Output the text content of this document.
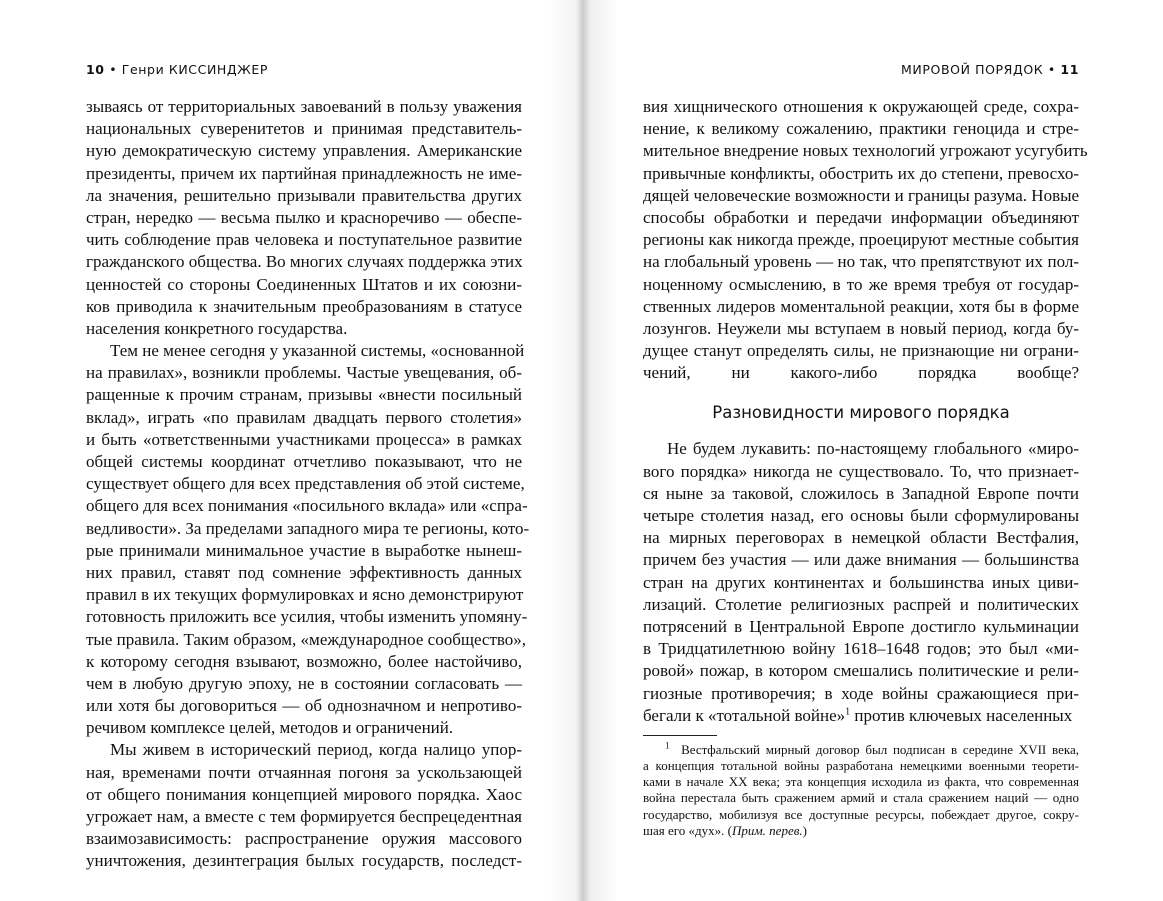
10 • Генри КИССИНДЖЕР
зываясь от территориальных завоеваний в пользу уважения
национальных суверенитетов и принимая представитель-
ную демократическую систему управления. Американские
президенты, причем их партийная принадлежность не име-
ла значения, решительно призывали правительства других
стран, нередко — весьма пылко и красноречиво — обеспе-
чить соблюдение прав человека и поступательное развитие
гражданского общества. Во многих случаях поддержка этих
ценностей со стороны Соединенных Штатов и их союзни-
ков приводила к значительным преобразованиям в статусе
населения конкретного государства.
Тем не менее сегодня у указанной системы, «основанной
на правилах», возникли проблемы. Частые увещевания, об-
ращенные к прочим странам, призывы «внести посильный
вклад», играть «по правилам двадцать первого столетия»
и быть «ответственными участниками процесса» в рамках
общей системы координат отчетливо показывают, что не
существует общего для всех представления об этой системе,
общего для всех понимания «посильного вклада» или «спра-
ведливости». За пределами западного мира те регионы, кото-
рые принимали минимальное участие в выработке нынеш-
них правил, ставят под сомнение эффективность данных
правил в их текущих формулировках и ясно демонстрируют
готовность приложить все усилия, чтобы изменить упомяну-
тые правила. Таким образом, «международное сообщество»,
к которому сегодня взывают, возможно, более настойчиво,
чем в любую другую эпоху, не в состоянии согласовать —
или хотя бы договориться — об однозначном и непротиво-
речивом комплексе целей, методов и ограничений.
Мы живем в исторический период, когда налицо упор-
ная, временами почти отчаянная погоня за ускользающей
от общего понимания концепцией мирового порядка. Хаос
угрожает нам, а вместе с тем формируется беспрецедентная
взаимозависимость: распространение оружия массового
уничтожения, дезинтеграция былых государств, последст-
МИРОВОЙ ПОРЯДОК • 11
вия хищнического отношения к окружающей среде, сохра-
нение, к великому сожалению, практики геноцида и стре-
мительное внедрение новых технологий угрожают усугубить
привычные конфликты, обострить их до степени, превосхо-
дящей человеческие возможности и границы разума. Новые
способы обработки и передачи информации объединяют
регионы как никогда прежде, проецируют местные события
на глобальный уровень — но так, что препятствуют их пол-
ноценному осмыслению, в то же время требуя от государ-
ственных лидеров моментальной реакции, хотя бы в форме
лозунгов. Неужели мы вступаем в новый период, когда бу-
дущее станут определять силы, не признающие ни ограни-
чений, ни какого-либо порядка вообще?
Разновидности мирового порядка
Не будем лукавить: по-настоящему глобального «миро-
вого порядка» никогда не существовало. То, что признает-
ся ныне за таковой, сложилось в Западной Европе почти
четыре столетия назад, его основы были сформулированы
на мирных переговорах в немецкой области Вестфалия,
причем без участия — или даже внимания — большинства
стран на других континентах и большинства иных циви-
лизаций. Столетие религиозных распрей и политических
потрясений в Центральной Европе достигло кульминации
в Тридцатилетнюю войну 1618–1648 годов; это был «ми-
ровой» пожар, в котором смешались политические и рели-
гиозные противоречия; в ходе войны сражающиеся при-
бегали к «тотальной войне»$^1$ против ключевых населенных
$^1$ Вестфальский мирный договор был подписан в середине XVII века,
а концепция тотальной войны разработана немецкими военными теорети-
ками в начале XX века; эта концепция исходила из факта, что современная
война перестала быть сражением армий и стала сражением наций — одно
государство, мобилизуя все доступные ресурсы, побеждает другое, сокру-
шая его «дух». (Прим. перев.)
